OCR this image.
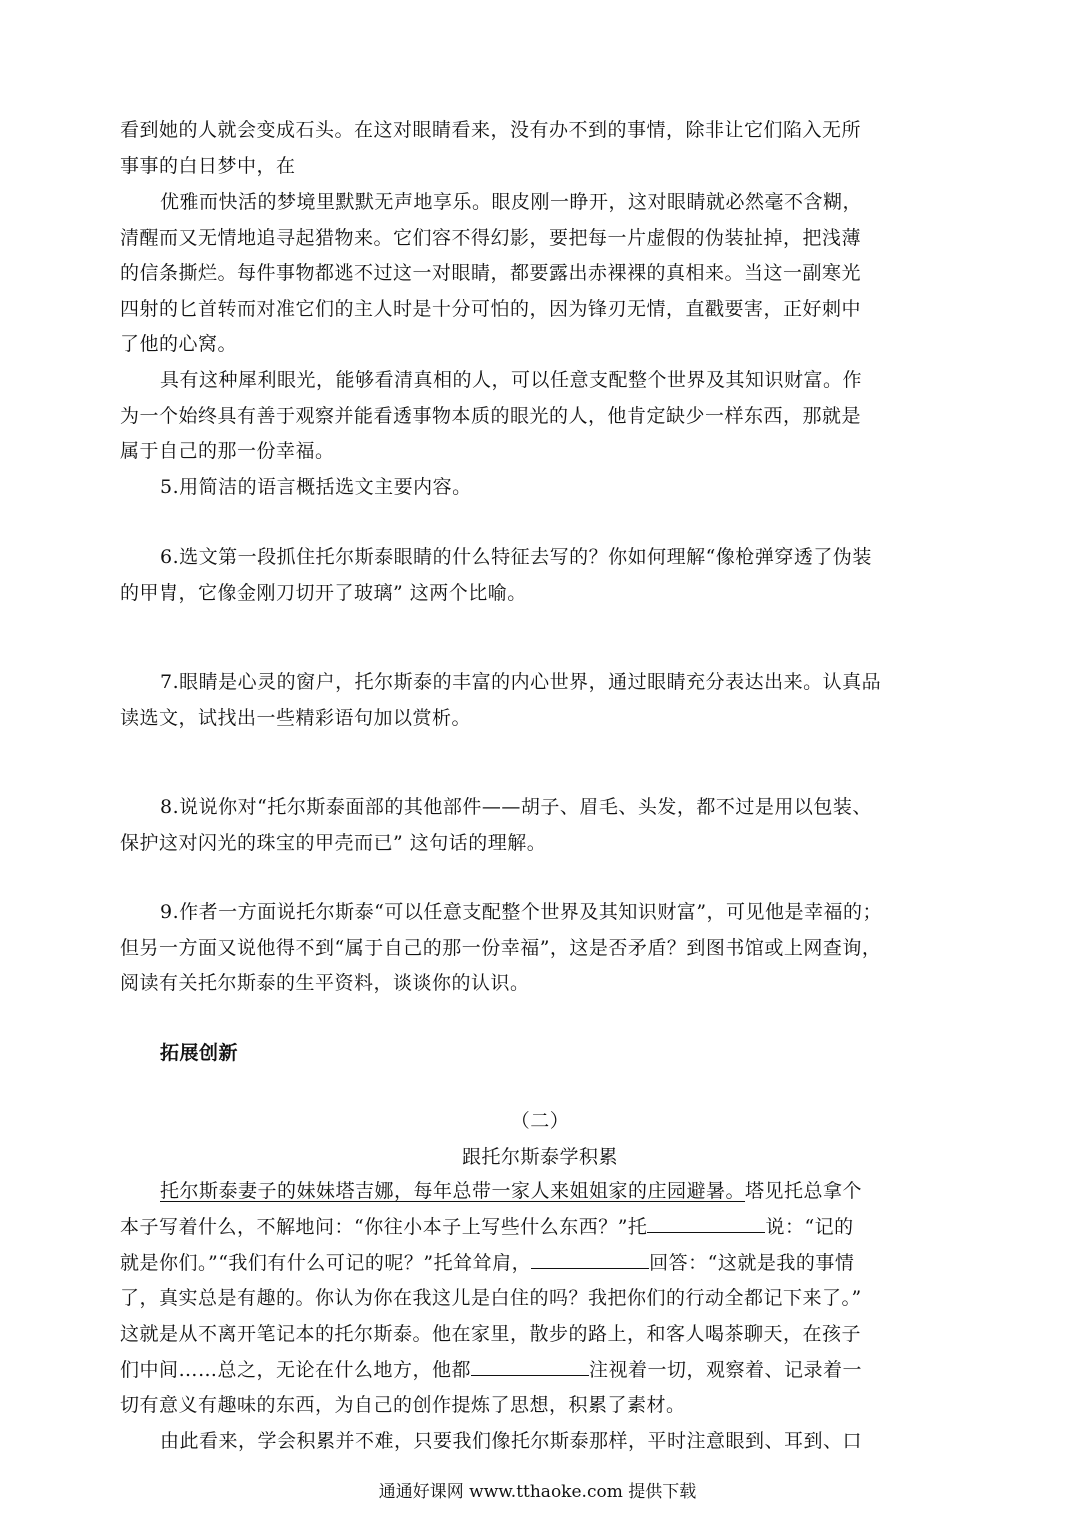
看到她的人就会变成石头。在这对眼睛看来，没有办不到的事情，除非让它们陷入无所
事事的白日梦中，在
优雅而快活的梦境里默默无声地享乐。眼皮刚一睁开，这对眼睛就必然毫不含糊，
清醒而又无情地追寻起猎物来。它们容不得幻影，要把每一片虚假的伪装扯掉，把浅薄
的信条撕烂。每件事物都逃不过这一对眼睛，都要露出赤裸裸的真相来。当这一副寒光
四射的匕首转而对准它们的主人时是十分可怕的，因为锋刃无情，直戳要害，正好刺中
了他的心窝。
具有这种犀利眼光，能够看清真相的人，可以任意支配整个世界及其知识财富。作
为一个始终具有善于观察并能看透事物本质的眼光的人，他肯定缺少一样东西，那就是
属于自己的那一份幸福。
5.用简洁的语言概括选文主要内容。
6.选文第一段抓住托尔斯泰眼睛的什么特征去写的？你如何理解“像枪弹穿透了伪装
的甲胄，它像金刚刀切开了玻璃” 这两个比喻。
7.眼睛是心灵的窗户，托尔斯泰的丰富的内心世界，通过眼睛充分表达出来。认真品
读选文，试找出一些精彩语句加以赏析。
8.说说你对“托尔斯泰面部的其他部件——胡子、眉毛、头发，都不过是用以包装、
保护这对闪光的珠宝的甲壳而已” 这句话的理解。
9.作者一方面说托尔斯泰“可以任意支配整个世界及其知识财富”，可见他是幸福的；
但另一方面又说他得不到“属于自己的那一份幸福”，这是否矛盾？到图书馆或上网查询，
阅读有关托尔斯泰的生平资料，谈谈你的认识。
拓展创新
（二）
跟托尔斯泰学积累
托尔斯泰妻子的妹妹塔吉娜，每年总带一家人来姐姐家的庄园避暑。塔见托总拿个
本子写着什么，不解地问：“你往小本子上写些什么东西？”托	说：“记的
就是你们。”“我们有什么可记的呢？”托耸耸肩，	回答：“这就是我的事情
了，真实总是有趣的。你认为你在我这儿是白住的吗？我把你们的行动全都记下来了。”
这就是从不离开笔记本的托尔斯泰。他在家里，散步的路上，和客人喝茶聊天，在孩子
们中间……总之，无论在什么地方，他都	注视着一切，观察着、记录着一
切有意义有趣味的东西，为自己的创作提炼了思想，积累了素材。
由此看来，学会积累并不难，只要我们像托尔斯泰那样，平时注意眼到、耳到、口
通通好课网 www.tthaoke.com 提供下载
